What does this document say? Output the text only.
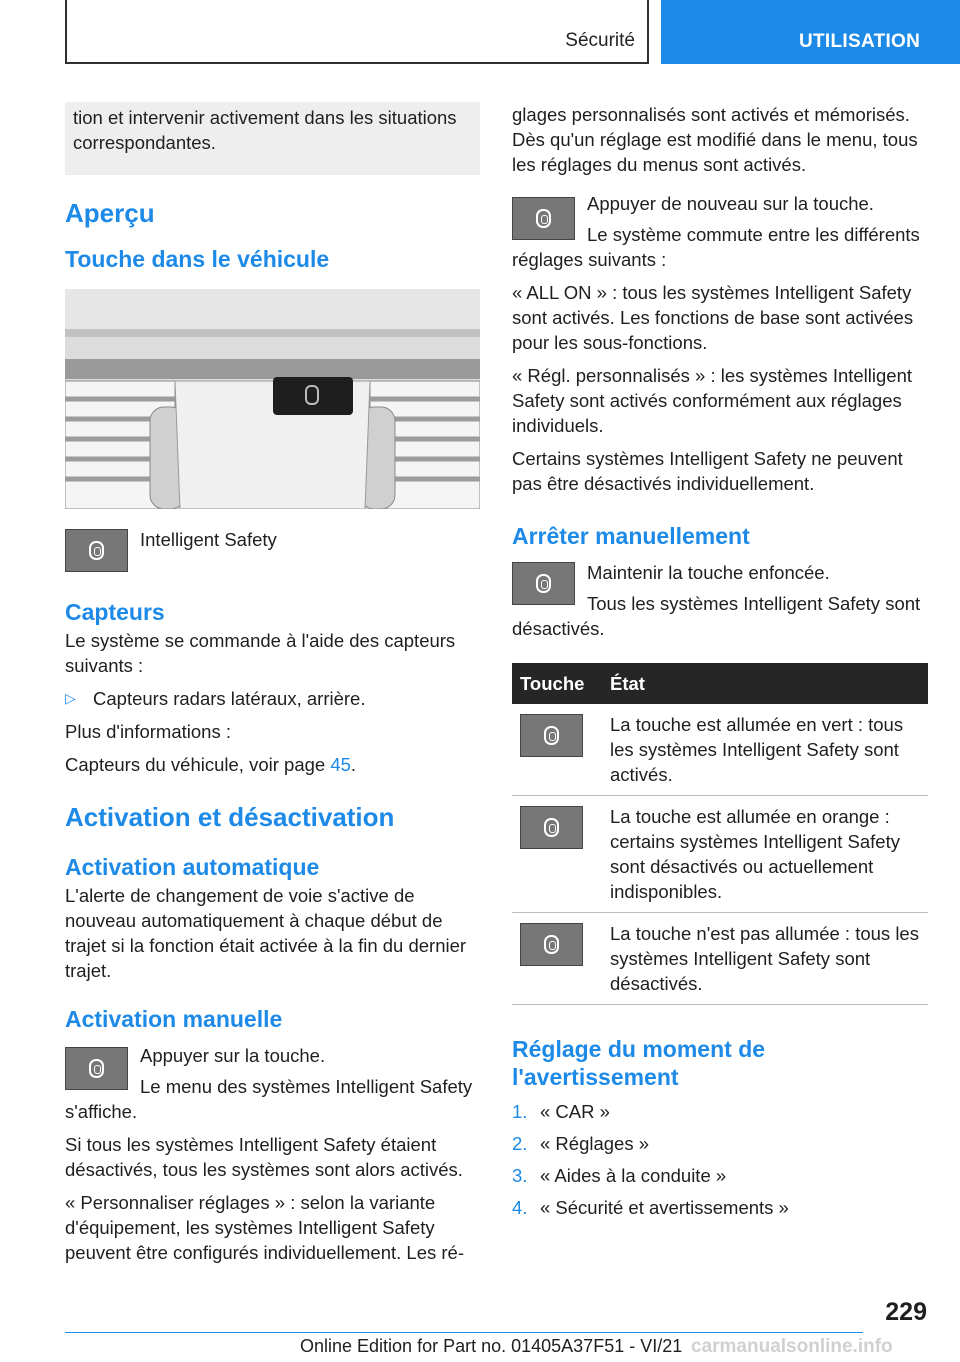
Sécurité	UTILISATION
tion et intervenir activement dans les situations correspondantes.
Aperçu
Touche dans le véhicule
Intelligent Safety
Capteurs

Le système se commande à l'aide des capteurs suivants :

▷ Capteurs radars latéraux, arrière.

Plus d'informations :

Capteurs du véhicule, voir page 45.

Activation et désactivation
Activation automatique

L'alerte de changement de voie s'active de nouveau automatiquement à chaque début de trajet si la fonction était activée à la fin du dernier trajet.

Activation manuelle

Appuyer sur la touche.

Le menu des systèmes Intelligent Safety s'affiche.

Si tous les systèmes Intelligent Safety étaient désactivés, tous les systèmes sont alors activés.

« Personnaliser réglages » : selon la variante d'équipement, les systèmes Intelligent Safety peuvent être configurés individuellement. Les ré-

glages personnalisés sont activés et mémorisés. Dès qu'un réglage est modifié dans le menu, tous les réglages du menus sont activés.

Appuyer de nouveau sur la touche.

Le système commute entre les différents réglages suivants :

« ALL ON » : tous les systèmes Intelligent Safety sont activés. Les fonctions de base sont activées pour les sous-fonctions.

« Régl. personnalisés » : les systèmes Intelligent Safety sont activés conformément aux réglages individuels.

Certains systèmes Intelligent Safety ne peuvent pas être désactivés individuellement.

Arrêter manuellement

Maintenir la touche enfoncée.

Tous les systèmes Intelligent Safety sont désactivés.

Touche	État

	La touche est allumée en vert : tous les systèmes Intelligent Safety sont activés.

	La touche est allumée en orange : certains systèmes Intelligent Safety sont désactivés ou actuellement indisponibles.

	La touche n'est pas allumée : tous les systèmes Intelligent Safety sont désactivés.
Réglage du moment de l'avertissement
1. « CAR »
2. « Réglages »
3. « Aides à la conduite »
4. « Sécurité et avertissements »
229
Online Edition for Part no. 01405A37F51 - VI/21 carmanualsonline.info
